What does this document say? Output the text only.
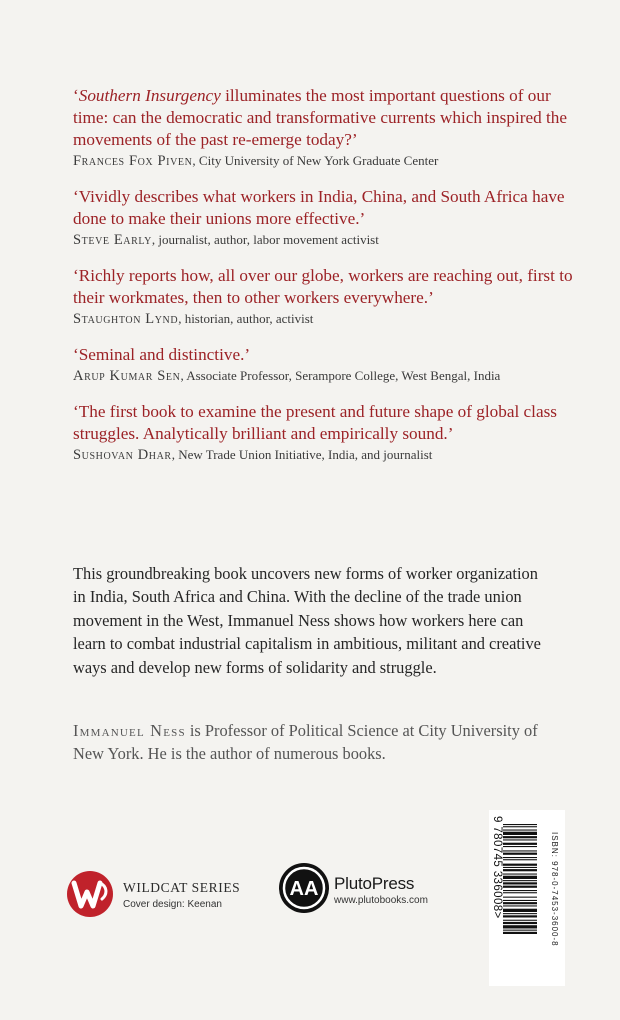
‘Southern Insurgency illuminates the most important questions of our time: can the democratic and transformative currents which inspired the movements of the past re-emerge today?’

Frances Fox Piven, City University of New York Graduate Center

‘Vividly describes what workers in India, China, and South Africa have done to make their unions more effective.’

Steve Early, journalist, author, labor movement activist

‘Richly reports how, all over our globe, workers are reaching out, first to their workmates, then to other workers everywhere.’

Staughton Lynd, historian, author, activist

‘Seminal and distinctive.’

Arup Kumar Sen, Associate Professor, Serampore College, West Bengal, India

‘The first book to examine the present and future shape of global class struggles. Analytically brilliant and empirically sound.’

Sushovan Dhar, New Trade Union Initiative, India, and journalist

This groundbreaking book uncovers new forms of worker organization in India, South Africa and China. With the decline of the trade union movement in the West, Immanuel Ness shows how workers here can learn to combat industrial capitalism in ambitious, militant and creative ways and develop new forms of solidarity and struggle.

Immanuel Ness is Professor of Political Science at City University of New York. He is the author of numerous books.

WILDCAT SERIES
Cover design: Keenan
AA PlutoPress
www.plutobooks.com	ISBN: 978-0-7453-3600-8
9 780745 336008>
